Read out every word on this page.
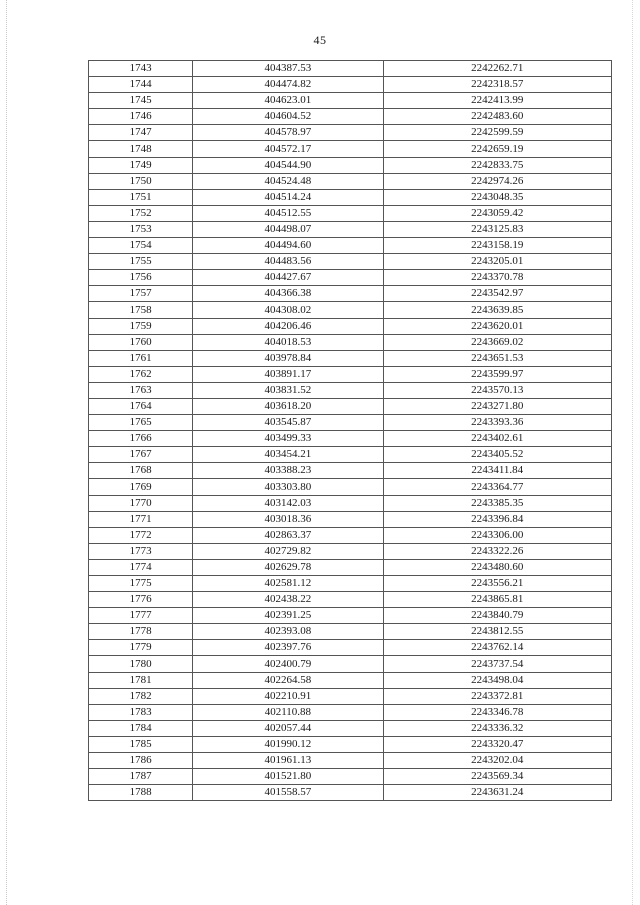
45
1743	404387.53	2242262.71
1744	404474.82	2242318.57
1745	404623.01	2242413.99
1746	404604.52	2242483.60
1747	404578.97	2242599.59
1748	404572.17	2242659.19
1749	404544.90	2242833.75
1750	404524.48	2242974.26
1751	404514.24	2243048.35
1752	404512.55	2243059.42
1753	404498.07	2243125.83
1754	404494.60	2243158.19
1755	404483.56	2243205.01
1756	404427.67	2243370.78
1757	404366.38	2243542.97
1758	404308.02	2243639.85
1759	404206.46	2243620.01
1760	404018.53	2243669.02
1761	403978.84	2243651.53
1762	403891.17	2243599.97
1763	403831.52	2243570.13
1764	403618.20	2243271.80
1765	403545.87	2243393.36
1766	403499.33	2243402.61
1767	403454.21	2243405.52
1768	403388.23	2243411.84
1769	403303.80	2243364.77
1770	403142.03	2243385.35
1771	403018.36	2243396.84
1772	402863.37	2243306.00
1773	402729.82	2243322.26
1774	402629.78	2243480.60
1775	402581.12	2243556.21
1776	402438.22	2243865.81
1777	402391.25	2243840.79
1778	402393.08	2243812.55
1779	402397.76	2243762.14
1780	402400.79	2243737.54
1781	402264.58	2243498.04
1782	402210.91	2243372.81
1783	402110.88	2243346.78
1784	402057.44	2243336.32
1785	401990.12	2243320.47
1786	401961.13	2243202.04
1787	401521.80	2243569.34
1788	401558.57	2243631.24
